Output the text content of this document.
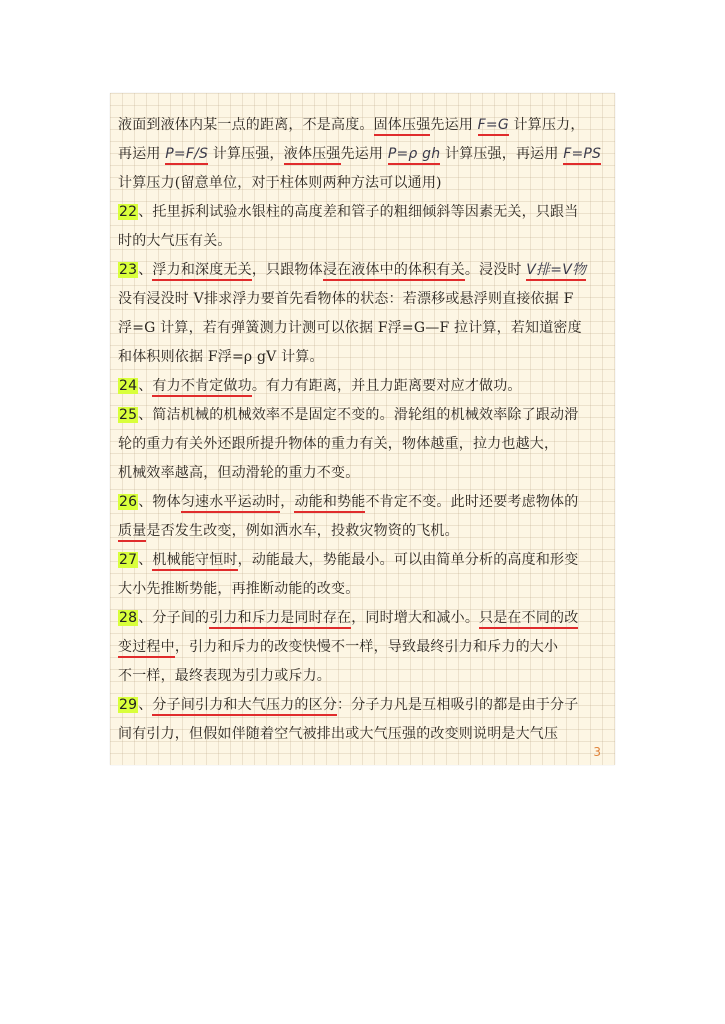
液面到液体内某一点的距离，不是高度。固体压强先运用 F=G 计算压力，
再运用 P=F/S 计算压强，液体压强先运用 P=ρ gh 计算压强，再运用 F=PS
计算压力(留意单位，对于柱体则两种方法可以通用)
22、托里拆利试验水银柱的高度差和管子的粗细倾斜等因素无关，只跟当
时的大气压有关。
23、浮力和深度无关，只跟物体浸在液体中的体积有关。浸没时 V排=V物
没有浸没时 V排求浮力要首先看物体的状态：若漂移或悬浮则直接依据 F
浮=G 计算，若有弹簧测力计测可以依据 F浮=G—F 拉计算，若知道密度
和体积则依据 F浮=ρ gV 计算。
24、有力不肯定做功。有力有距离，并且力距离要对应才做功。
25、简洁机械的机械效率不是固定不变的。滑轮组的机械效率除了跟动滑
轮的重力有关外还跟所提升物体的重力有关，物体越重，拉力也越大，
机械效率越高，但动滑轮的重力不变。
26、物体匀速水平运动时，动能和势能不肯定不变。此时还要考虑物体的
质量是否发生改变，例如洒水车，投救灾物资的飞机。
27、机械能守恒时，动能最大，势能最小。可以由简单分析的高度和形变
大小先推断势能，再推断动能的改变。
28、分子间的引力和斥力是同时存在，同时增大和减小。只是在不同的改
变过程中，引力和斥力的改变快慢不一样，导致最终引力和斥力的大小
不一样，最终表现为引力或斥力。
29、分子间引力和大气压力的区分：分子力凡是互相吸引的都是由于分子
间有引力，但假如伴随着空气被排出或大气压强的改变则说明是大气压
3
